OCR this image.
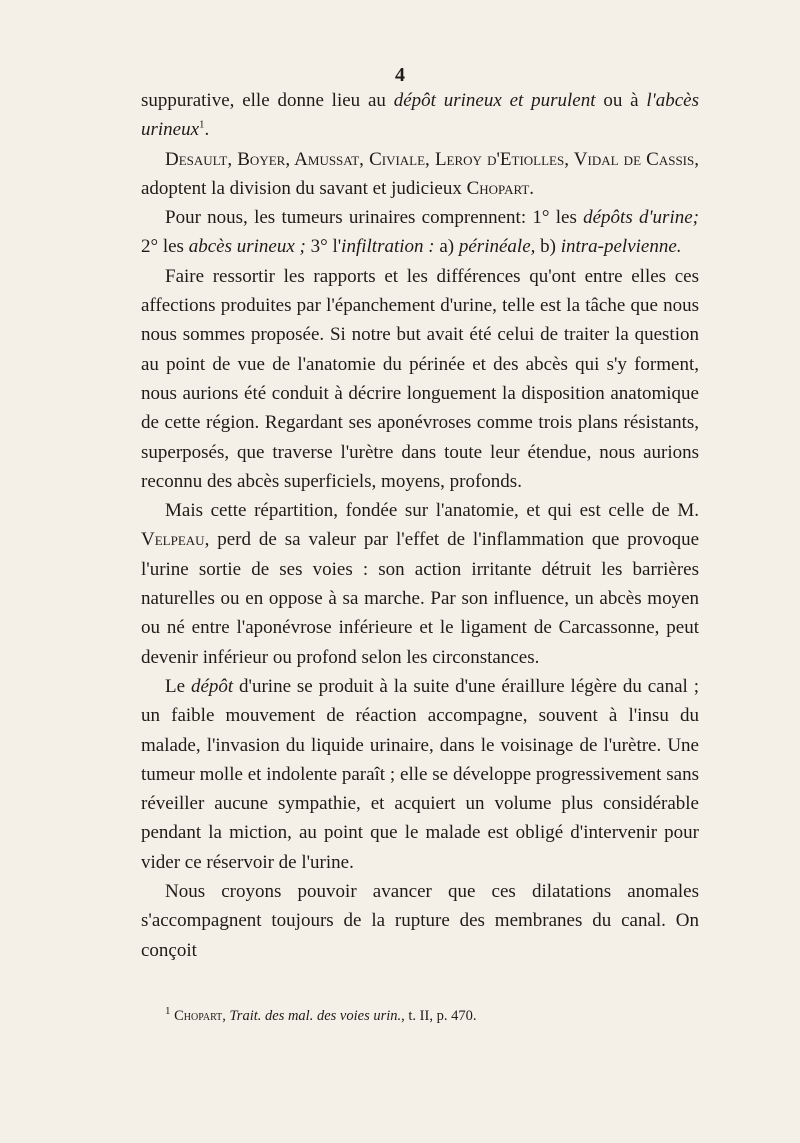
4

suppurative, elle donne lieu au dépôt urineux et purulent ou à l'abcès urineux$^1$.

Desault, Boyer, Amussat, Civiale, Leroy d'Etiolles, Vidal de Cassis, adoptent la division du savant et judicieux Chopart.

Pour nous, les tumeurs urinaires comprennent: 1° les dépôts d'urine; 2° les abcès urineux ; 3° l'infiltration : a) périnéale, b) intra-pelvienne.

Faire ressortir les rapports et les différences qu'ont entre elles ces affections produites par l'épanchement d'urine, telle est la tâche que nous nous sommes proposée. Si notre but avait été celui de traiter la question au point de vue de l'anatomie du périnée et des abcès qui s'y forment, nous aurions été conduit à décrire longuement la disposition anatomique de cette région. Regardant ses aponévroses comme trois plans résistants, superposés, que traverse l'urètre dans toute leur étendue, nous aurions reconnu des abcès superficiels, moyens, profonds.

Mais cette répartition, fondée sur l'anatomie, et qui est celle de M. Velpeau, perd de sa valeur par l'effet de l'inflammation que provoque l'urine sortie de ses voies : son action irritante détruit les barrières naturelles ou en oppose à sa marche. Par son influence, un abcès moyen ou né entre l'aponévrose inférieure et le ligament de Carcassonne, peut devenir inférieur ou profond selon les circonstances.

Le dépôt d'urine se produit à la suite d'une éraillure légère du canal ; un faible mouvement de réaction accompagne, souvent à l'insu du malade, l'invasion du liquide urinaire, dans le voisinage de l'urètre. Une tumeur molle et indolente paraît ; elle se développe progressivement sans réveiller aucune sympathie, et acquiert un volume plus considérable pendant la miction, au point que le malade est obligé d'intervenir pour vider ce réservoir de l'urine.

Nous croyons pouvoir avancer que ces dilatations anomales s'accompagnent toujours de la rupture des membranes du canal. On conçoit

$^1$ Chopart, Trait. des mal. des voies urin., t. II, p. 470.
